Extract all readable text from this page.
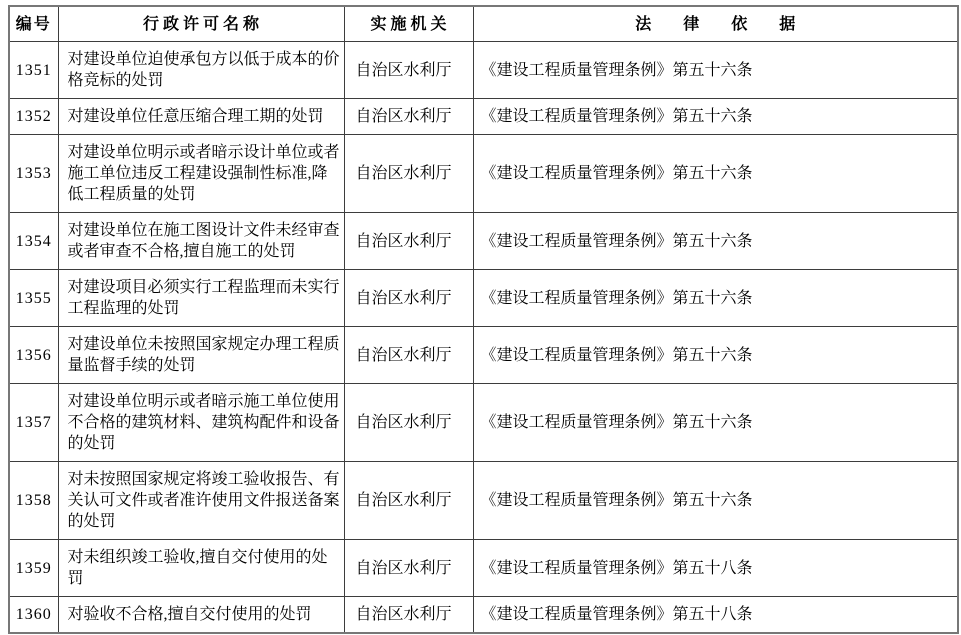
编号	行 政 许 可 名 称	实 施 机 关	法　　律　　依　　据
1351	对建设单位迫使承包方以低于成本的价格竞标的处罚	自治区水利厅	《建设工程质量管理条例》第五十六条
1352	对建设单位任意压缩合理工期的处罚	自治区水利厅	《建设工程质量管理条例》第五十六条
1353	对建设单位明示或者暗示设计单位或者施工单位违反工程建设强制性标准,降低工程质量的处罚	自治区水利厅	《建设工程质量管理条例》第五十六条
1354	对建设单位在施工图设计文件未经审查或者审查不合格,擅自施工的处罚	自治区水利厅	《建设工程质量管理条例》第五十六条
1355	对建设项目必须实行工程监理而未实行工程监理的处罚	自治区水利厅	《建设工程质量管理条例》第五十六条
1356	对建设单位未按照国家规定办理工程质量监督手续的处罚	自治区水利厅	《建设工程质量管理条例》第五十六条
1357	对建设单位明示或者暗示施工单位使用不合格的建筑材料、建筑构配件和设备的处罚	自治区水利厅	《建设工程质量管理条例》第五十六条
1358	对未按照国家规定将竣工验收报告、有关认可文件或者准许使用文件报送备案的处罚	自治区水利厅	《建设工程质量管理条例》第五十六条
1359	对未组织竣工验收,擅自交付使用的处罚	自治区水利厅	《建设工程质量管理条例》第五十八条
1360	对验收不合格,擅自交付使用的处罚	自治区水利厅	《建设工程质量管理条例》第五十八条
